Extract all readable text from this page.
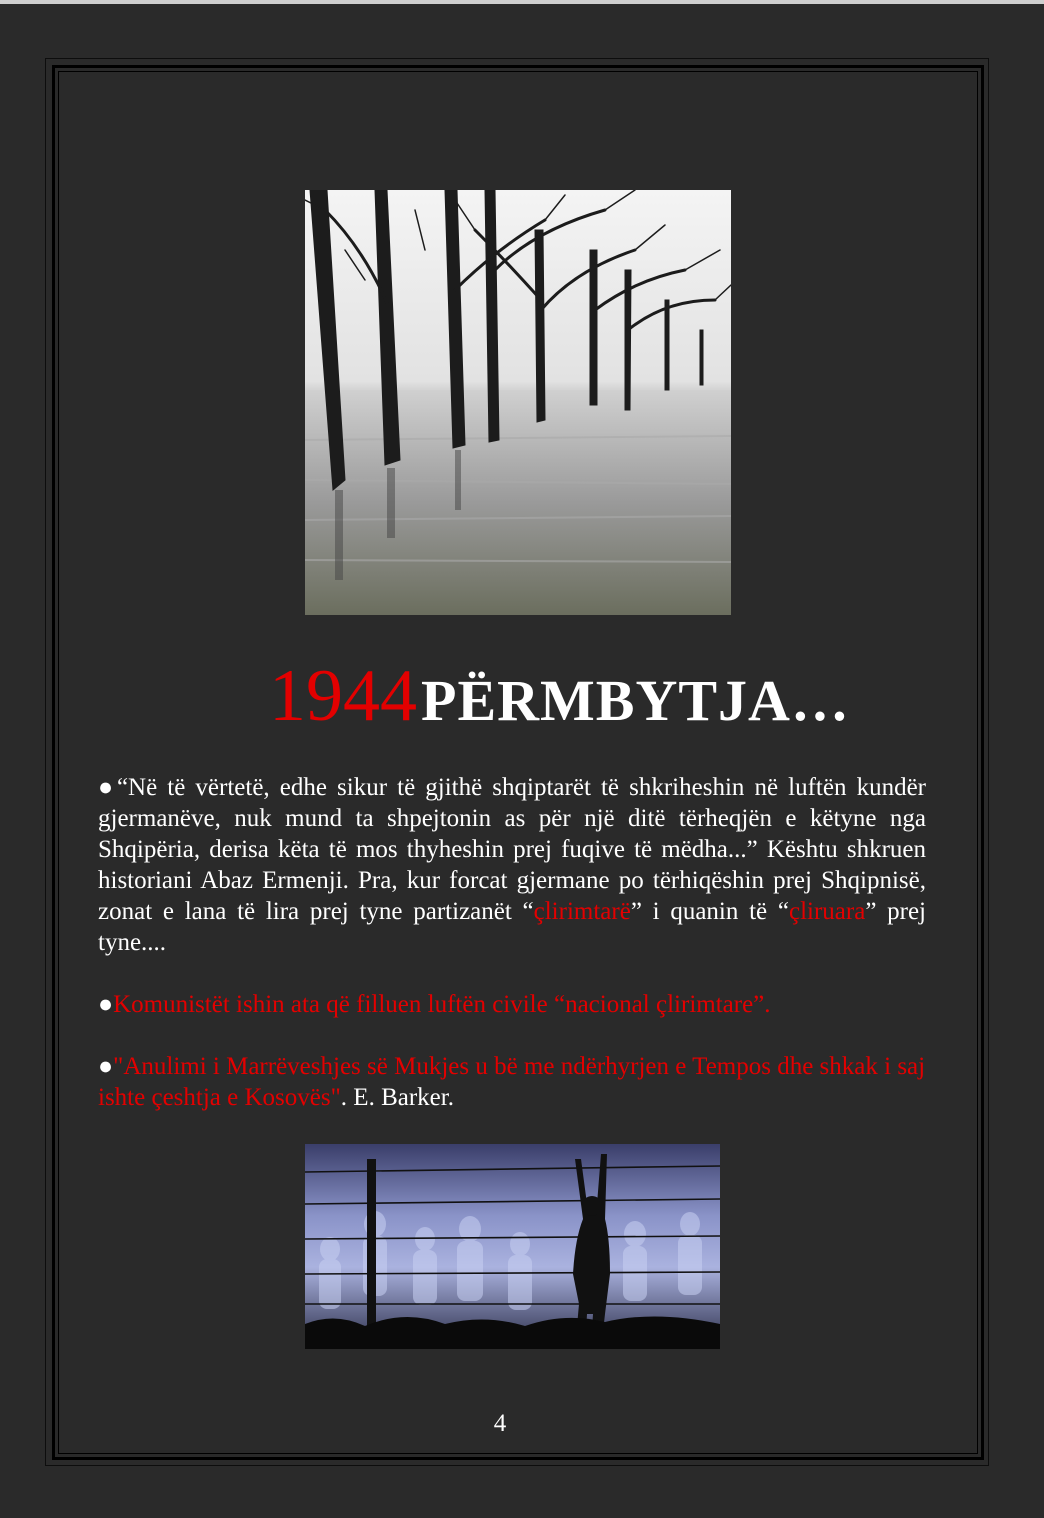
1944 PËRMBYTJA…

●“Në të vërtetë, edhe sikur të gjithë shqiptarët të shkriheshin në luftën kundër gjermanëve, nuk mund ta shpejtonin as për një ditë tërheqjën e këtyne nga Shqipëria, derisa këta të mos thyheshin prej fuqive të mëdha...” Kështu shkruen historiani Abaz Ermenji. Pra, kur forcat gjermane po tërhiqëshin prej Shqipnisë, zonat e lana të lira prej tyne partizanët “çlirimtarë” i quanin të “çliruara” prej tyne....

●Komunistët ishin ata që filluen luftën civile “nacional çlirimtare”.

●"Anulimi i Marrëveshjes së Mukjes u bë me ndërhyrjen e Tempos dhe shkak i saj ishte çeshtja e Kosovës". E. Barker.

4
